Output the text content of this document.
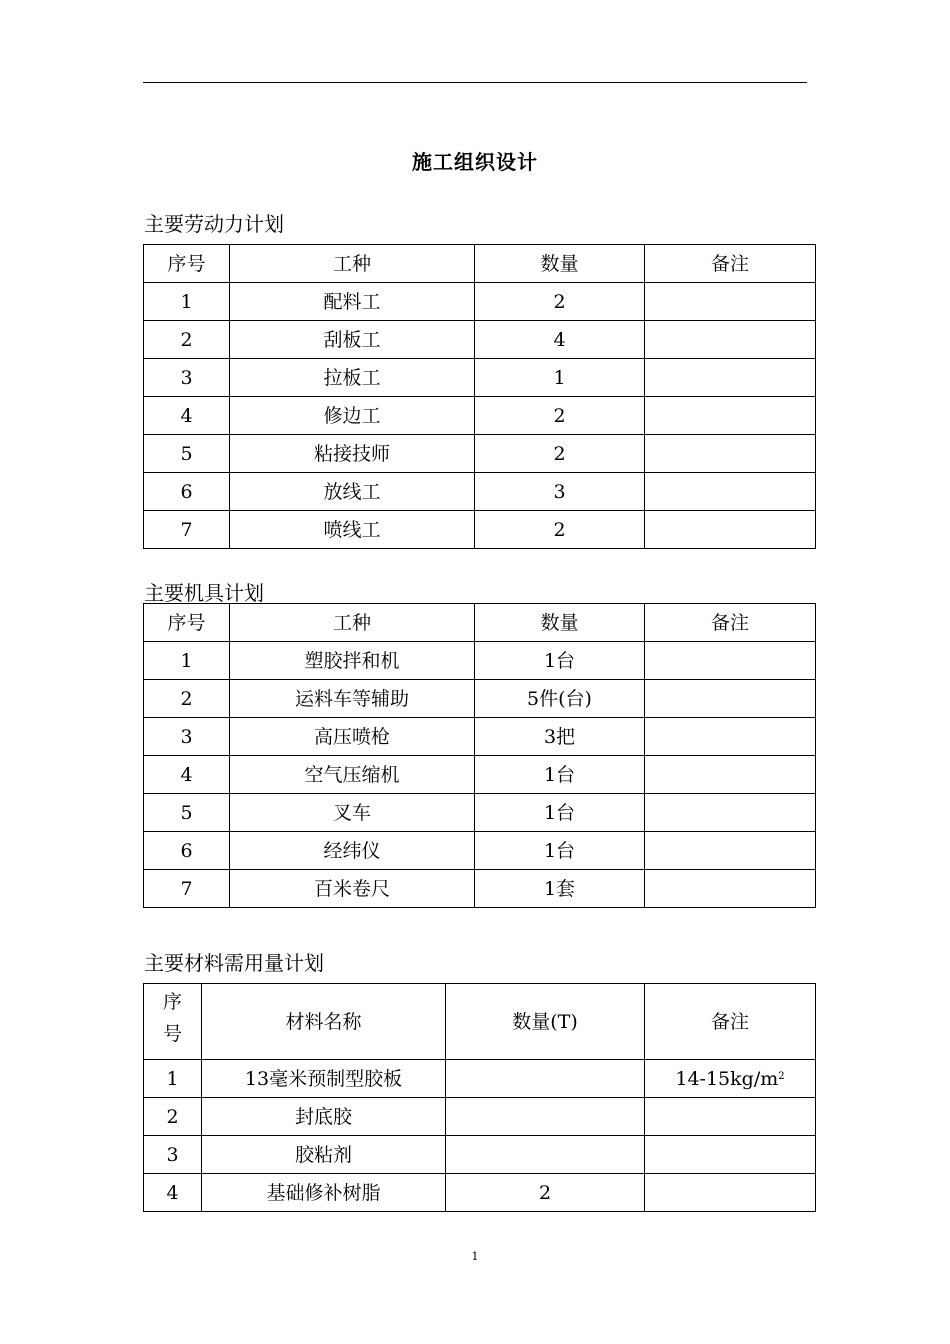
施工组织设计
主要劳动力计划
序号	工种	数量	备注
1	配料工	2	
2	刮板工	4	
3	拉板工	1	
4	修边工	2	
5	粘接技师	2	
6	放线工	3	
7	喷线工	2	
主要机具计划
序号	工种	数量	备注
1	塑胶拌和机	1台	
2	运料车等辅助	5件(台)	
3	高压喷枪	3把	
4	空气压缩机	1台	
5	叉车	1台	
6	经纬仪	1台	
7	百米卷尺	1套	
主要材料需用量计划
序
号	材料名称	数量(T)	备注
1	13毫米预制型胶板		$14-15kg/m^2$
2	封底胶		
3	胶粘剂		
4	基础修补树脂	2	
1
